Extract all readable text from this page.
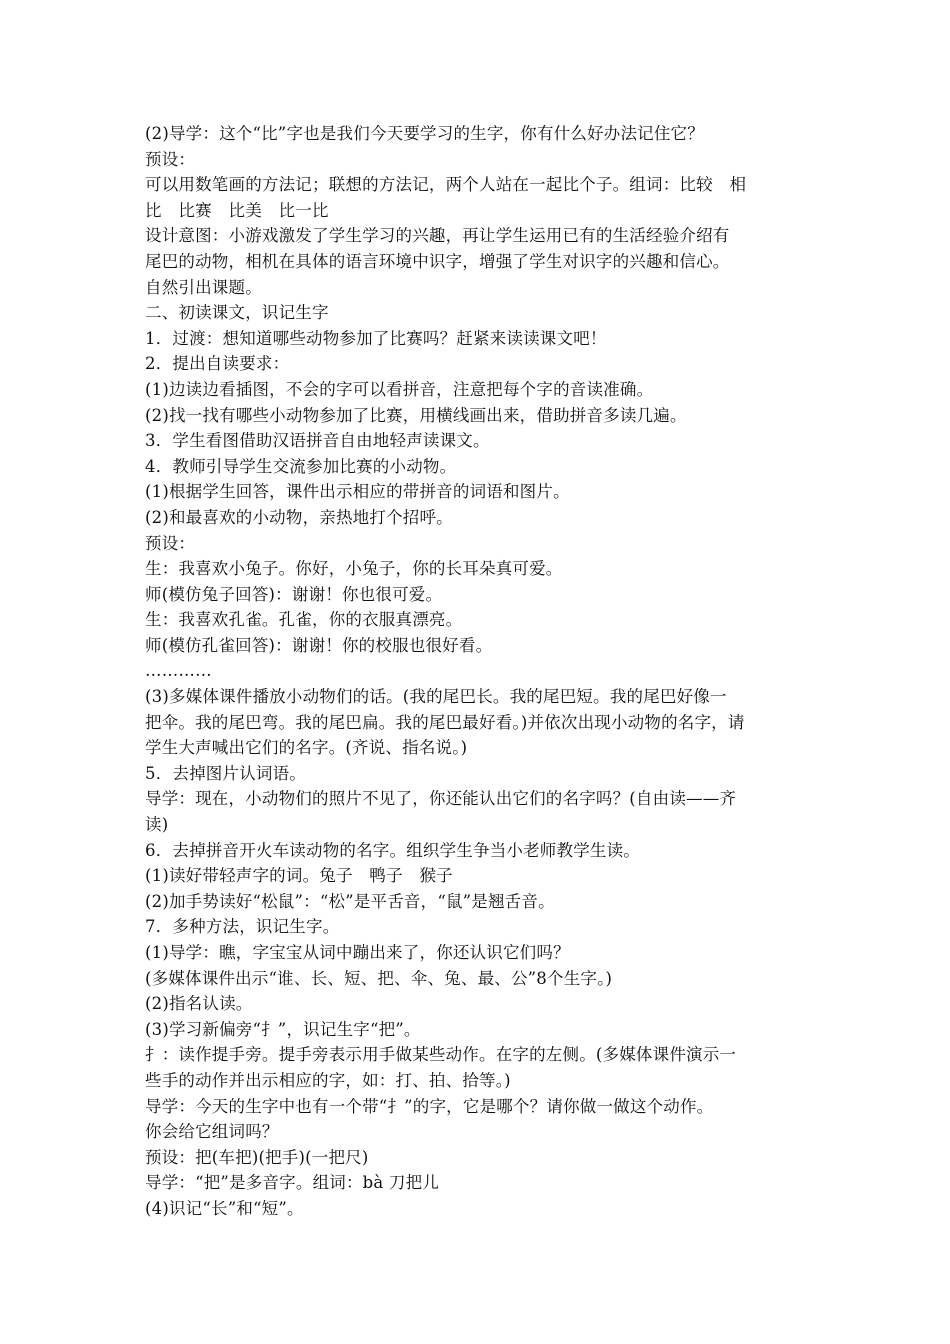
(2)导学：这个“比”字也是我们今天要学习的生字，你有什么好办法记住它？
预设：
可以用数笔画的方法记；联想的方法记，两个人站在一起比个子。组词：比较　相
比　比赛　比美　比一比
设计意图：小游戏激发了学生学习的兴趣，再让学生运用已有的生活经验介绍有
尾巴的动物，相机在具体的语言环境中识字，增强了学生对识字的兴趣和信心。
自然引出课题。
二、初读课文，识记生字
1．过渡：想知道哪些动物参加了比赛吗？赶紧来读读课文吧！
2．提出自读要求：
(1)边读边看插图，不会的字可以看拼音，注意把每个字的音读准确。
(2)找一找有哪些小动物参加了比赛，用横线画出来，借助拼音多读几遍。
3．学生看图借助汉语拼音自由地轻声读课文。
4．教师引导学生交流参加比赛的小动物。
(1)根据学生回答，课件出示相应的带拼音的词语和图片。
(2)和最喜欢的小动物，亲热地打个招呼。
预设：
生：我喜欢小兔子。你好，小兔子，你的长耳朵真可爱。
师(模仿兔子回答)：谢谢！你也很可爱。
生：我喜欢孔雀。孔雀，你的衣服真漂亮。
师(模仿孔雀回答)：谢谢！你的校服也很好看。
…………
(3)多媒体课件播放小动物们的话。(我的尾巴长。我的尾巴短。我的尾巴好像一
把伞。我的尾巴弯。我的尾巴扁。我的尾巴最好看。)并依次出现小动物的名字，请
学生大声喊出它们的名字。(齐说、指名说。)
5．去掉图片认词语。
导学：现在，小动物们的照片不见了，你还能认出它们的名字吗？(自由读——齐
读)
6．去掉拼音开火车读动物的名字。组织学生争当小老师教学生读。
(1)读好带轻声字的词。兔子　鸭子　猴子
(2)加手势读好“松鼠”：“松”是平舌音，“鼠”是翘舌音。
7．多种方法，识记生字。
(1)导学：瞧，字宝宝从词中蹦出来了，你还认识它们吗？
(多媒体课件出示“谁、长、短、把、伞、兔、最、公”8个生字。)
(2)指名认读。
(3)学习新偏旁“扌”，识记生字“把”。
扌：读作提手旁。提手旁表示用手做某些动作。在字的左侧。(多媒体课件演示一
些手的动作并出示相应的字，如：打、拍、拾等。)
导学：今天的生字中也有一个带“扌”的字，它是哪个？请你做一做这个动作。
你会给它组词吗？
预设：把(车把)(把手)(一把尺)
导学：“把”是多音字。组词：bà 刀把儿
(4)识记“长”和“短”。
